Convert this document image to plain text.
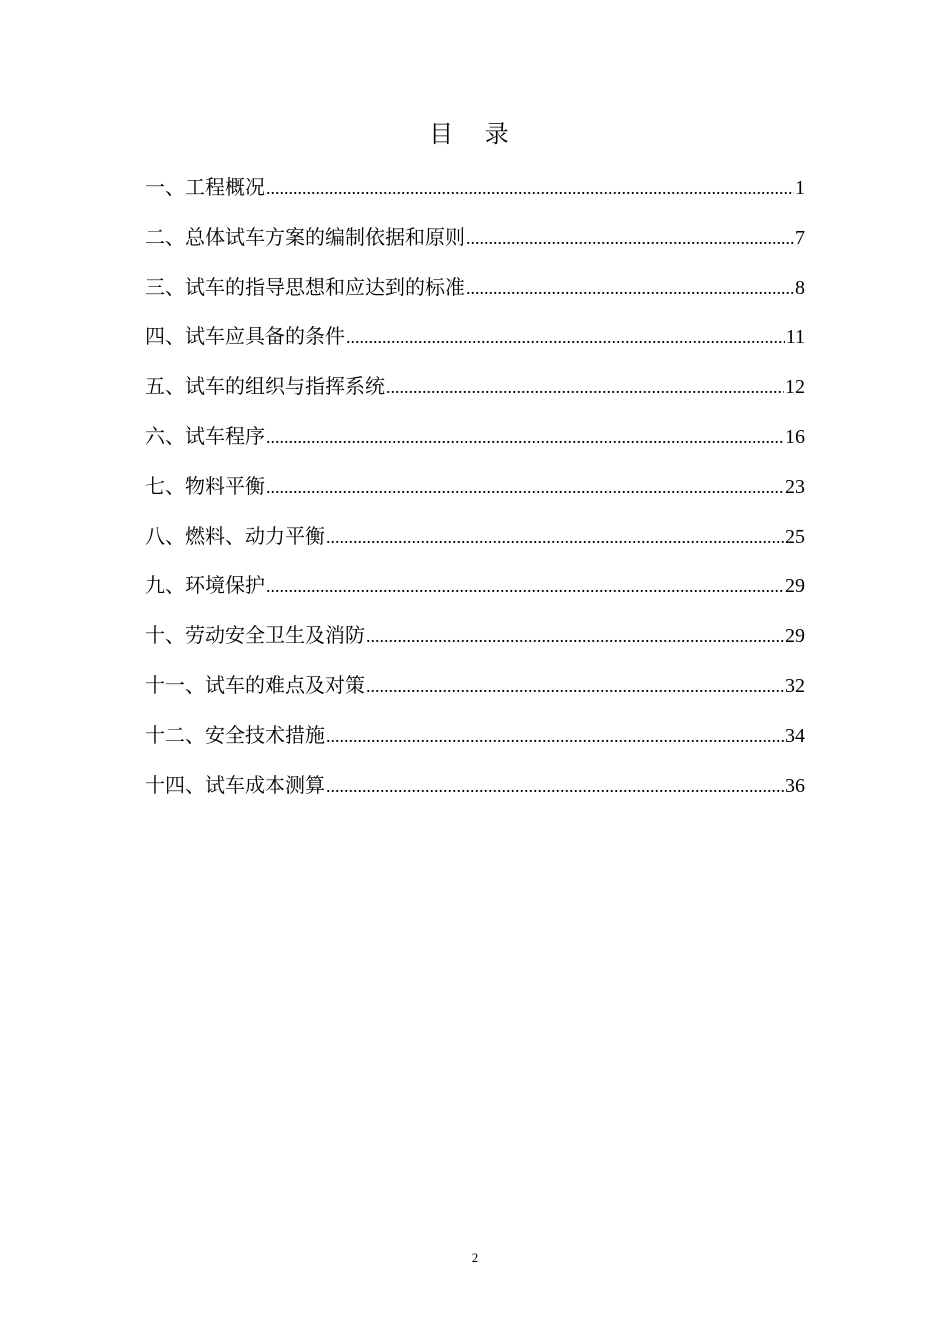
目 录
一、工程概况 .....	1
二、总体试车方案的编制依据和原则 .....	7
三、试车的指导思想和应达到的标准 .....	8
四、试车应具备的条件 .....	11
五、试车的组织与指挥系统 .....	12
六、试车程序 .....	16
七、物料平衡 .....	23
八、燃料、动力平衡 .....	25
九、环境保护 .....	29
十、劳动安全卫生及消防 .....	29
十一、试车的难点及对策 .....	32
十二、安全技术措施 .....	34
十四、试车成本测算 .....	36
2
